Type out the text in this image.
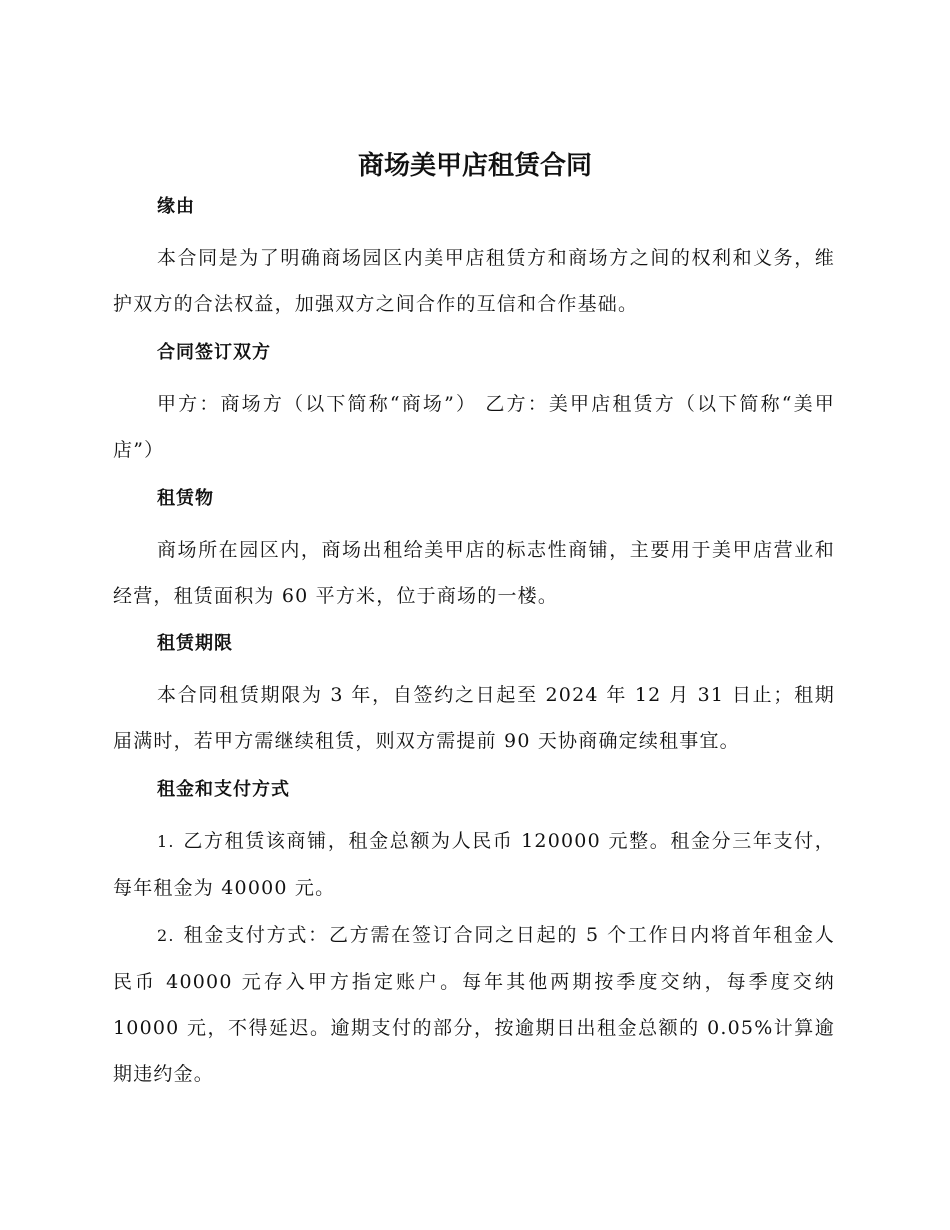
商场美甲店租赁合同
缘由

本合同是为了明确商场园区内美甲店租赁方和商场方之间的权利和义务，维护双方的合法权益，加强双方之间合作的互信和合作基础。

合同签订双方

甲方：商场方（以下简称“商场”） 乙方：美甲店租赁方（以下简称“美甲店”）

租赁物

商场所在园区内，商场出租给美甲店的标志性商铺，主要用于美甲店营业和经营，租赁面积为 60 平方米，位于商场的一楼。

租赁期限

本合同租赁期限为 3 年，自签约之日起至 2024 年 12 月 31 日止；租期届满时，若甲方需继续租赁，则双方需提前 90 天协商确定续租事宜。

租金和支付方式

1. 乙方租赁该商铺，租金总额为人民币 120000 元整。租金分三年支付，每年租金为 40000 元。

2. 租金支付方式：乙方需在签订合同之日起的 5 个工作日内将首年租金人民币 40000 元存入甲方指定账户。每年其他两期按季度交纳，每季度交纳 10000 元，不得延迟。逾期支付的部分，按逾期日出租金总额的 0.05%计算逾期违约金。
